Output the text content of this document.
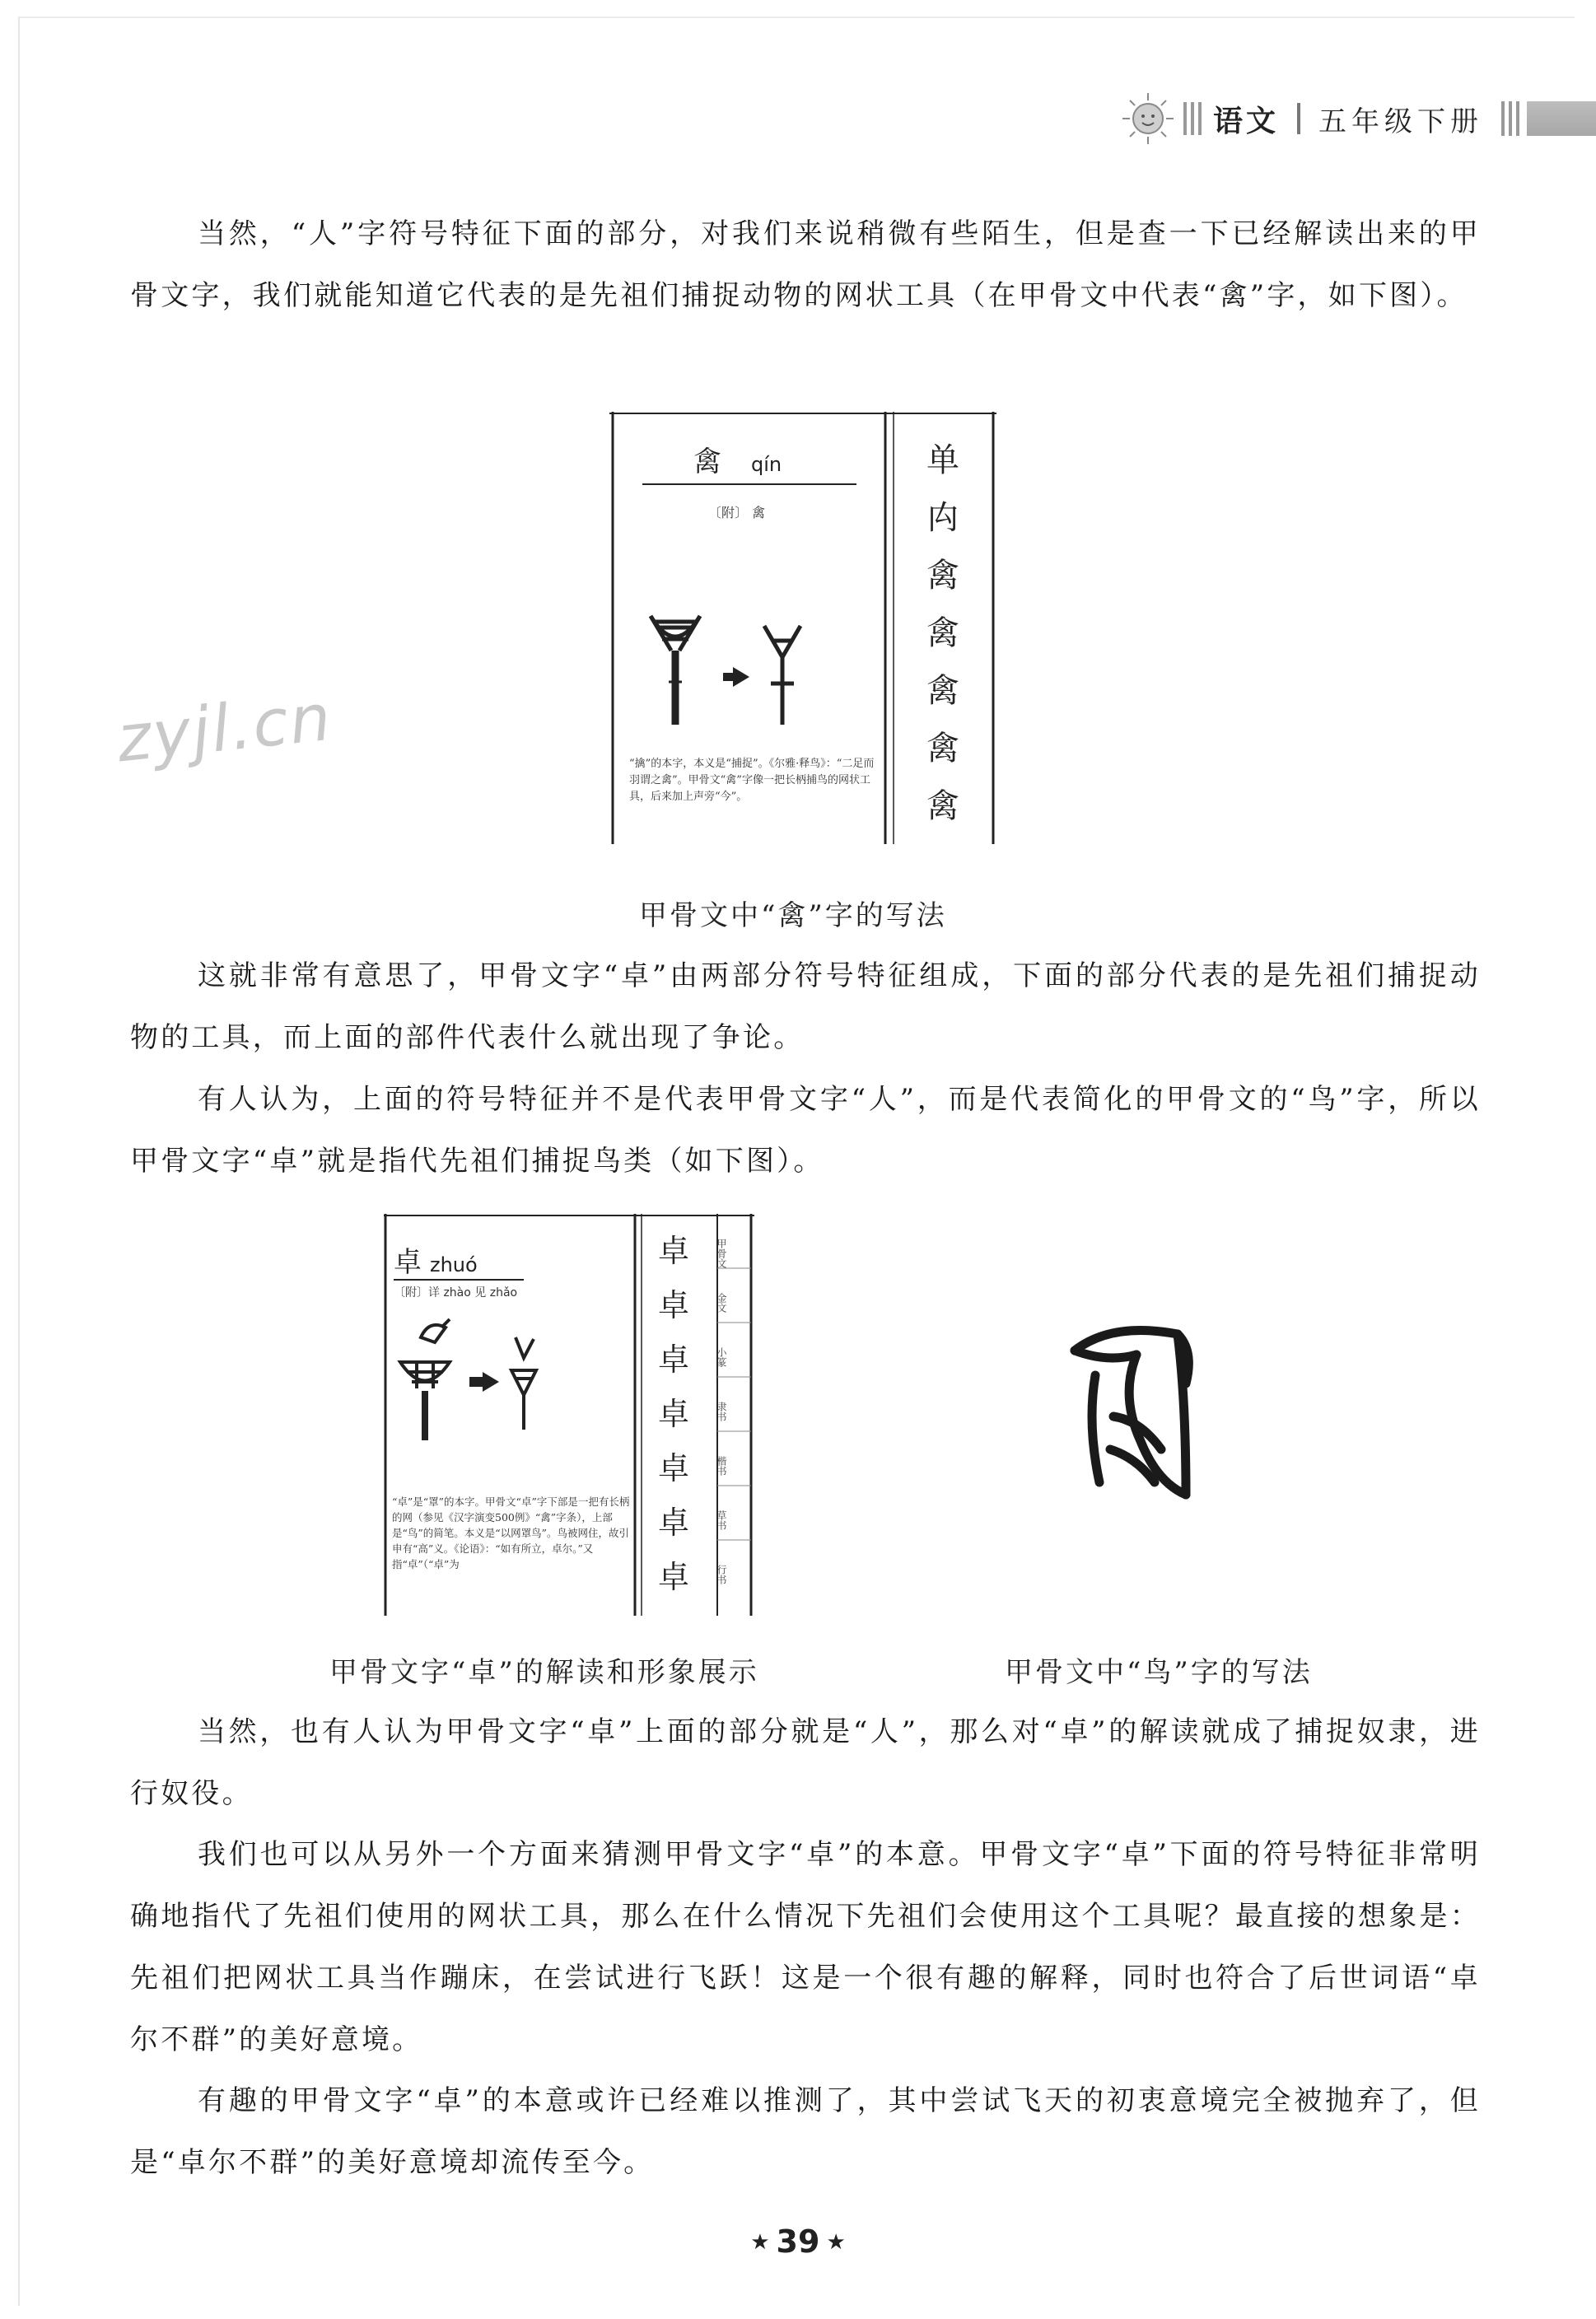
语文 五年级下册

当然，“人”字符号特征下面的部分，对我们来说稍微有些陌生，但是查一下已经解读出来的甲骨文字，我们就能知道它代表的是先祖们捕捉动物的网状工具（在甲骨文中代表“禽”字，如下图）。

禽 qín
〔附〕 禽
“擒”的本字，本义是“捕捉”。《尔雅·释鸟》：“二足而羽谓之禽”。甲骨文“禽”字像一把长柄捕鸟的网状工具，后来加上声旁“今”。
单
禸
禽
禽
禽
禽
禽
甲骨文中“禽”字的写法

这就非常有意思了，甲骨文字“卓”由两部分符号特征组成，下面的部分代表的是先祖们捕捉动物的工具，而上面的部件代表什么就出现了争论。

有人认为，上面的符号特征并不是代表甲骨文字“人”，而是代表简化的甲骨文的“鸟”字，所以甲骨文字“卓”就是指代先祖们捕捉鸟类（如下图）。

卓 zhuó
〔附〕详 zhào 见 zhǎo
“卓”是“罩”的本字。甲骨文“卓”字下部是一把有长柄的网（参见《汉字演变500例》“禽”字条），上部是“鸟”的简笔。本义是“以网罩鸟”。鸟被网住，故引申有“高”义。《论语》：“如有所立，卓尔。”又指“卓”（“卓”为
卓
卓
卓
卓
卓
卓
卓
甲骨文
金文
小篆
隶书
楷书
草书
行书
甲骨文字“卓”的解读和形象展示	甲骨文中“鸟”字的写法

当然，也有人认为甲骨文字“卓”上面的部分就是“人”，那么对“卓”的解读就成了捕捉奴隶，进行奴役。

我们也可以从另外一个方面来猜测甲骨文字“卓”的本意。甲骨文字“卓”下面的符号特征非常明确地指代了先祖们使用的网状工具，那么在什么情况下先祖们会使用这个工具呢？最直接的想象是：先祖们把网状工具当作蹦床，在尝试进行飞跃！这是一个很有趣的解释，同时也符合了后世词语“卓尔不群”的美好意境。

有趣的甲骨文字“卓”的本意或许已经难以推测了，其中尝试飞天的初衷意境完全被抛弃了，但是“卓尔不群”的美好意境却流传至今。

zyjl.cn
★ 39 ★
